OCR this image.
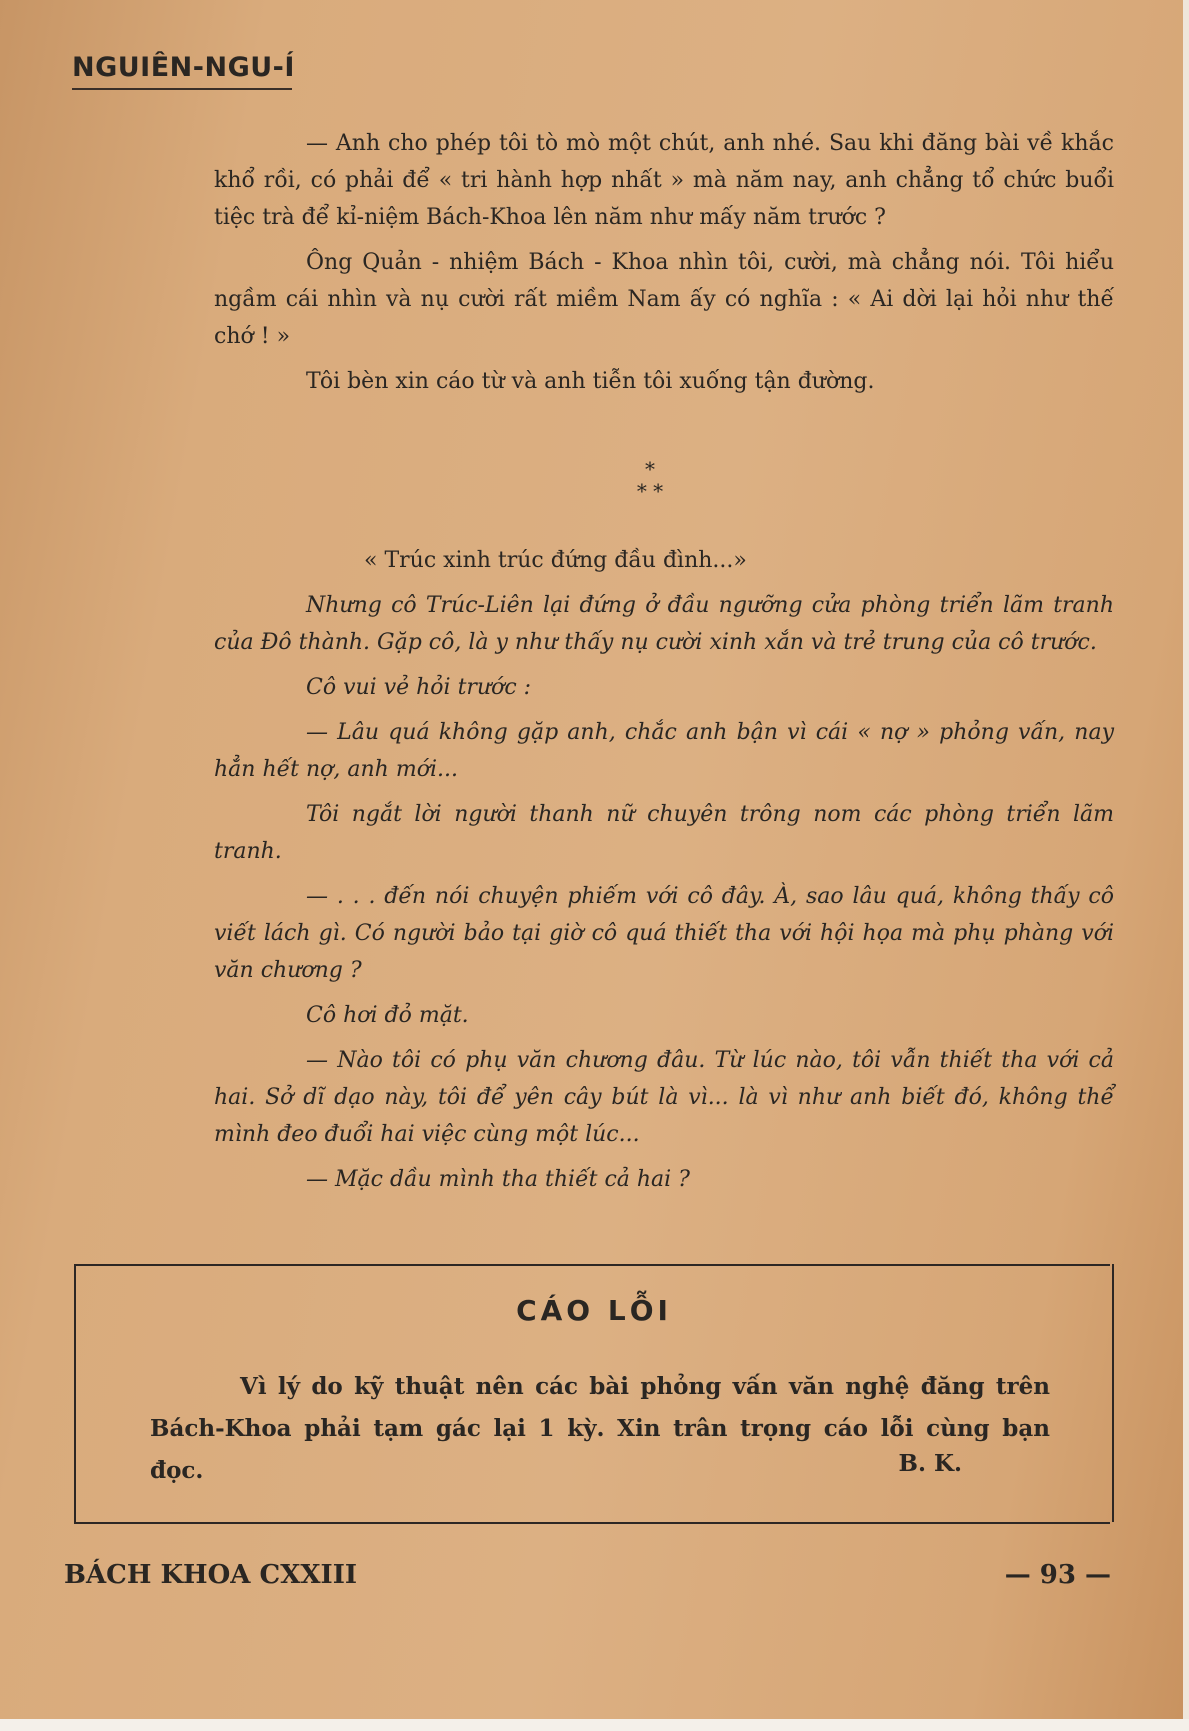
NGUIÊN-NGU-Í

— Anh cho phép tôi tò mò một chút, anh nhé. Sau khi đăng bài về khắc khổ rồi, có phải để « tri hành hợp nhất » mà năm nay, anh chẳng tổ chức buổi tiệc trà để kỉ-niệm Bách-Khoa lên năm như mấy năm trước ?

Ông Quản - nhiệm Bách - Khoa nhìn tôi, cười, mà chẳng nói. Tôi hiểu ngầm cái nhìn và nụ cười rất miềm Nam ấy có nghĩa : « Ai dời lại hỏi như thế chớ ! »

Tôi bèn xin cáo từ và anh tiễn tôi xuống tận đường.

*
* *

« Trúc xinh trúc đứng đầu đình...»

Nhưng cô Trúc-Liên lại đứng ở đầu ngưỡng cửa phòng triển lãm tranh của Đô thành. Gặp cô, là y như thấy nụ cười xinh xắn và trẻ trung của cô trước.

Cô vui vẻ hỏi trước :

— Lâu quá không gặp anh, chắc anh bận vì cái « nợ » phỏng vấn, nay hẳn hết nợ, anh mới...

Tôi ngắt lời người thanh nữ chuyên trông nom các phòng triển lãm tranh.

— . . . đến nói chuyện phiếm với cô đây. À, sao lâu quá, không thấy cô viết lách gì. Có người bảo tại giờ cô quá thiết tha với hội họa mà phụ phàng với văn chương ?

Cô hơi đỏ mặt.

— Nào tôi có phụ văn chương đâu. Từ lúc nào, tôi vẫn thiết tha với cả hai. Sở dĩ dạo này, tôi để yên cây bút là vì... là vì như anh biết đó, không thể mình đeo đuổi hai việc cùng một lúc...

— Mặc dầu mình tha thiết cả hai ?

CÁO LỖI
Vì lý do kỹ thuật nên các bài phỏng vấn văn nghệ đăng trên Bách-Khoa phải tạm gác lại 1 kỳ. Xin trân trọng cáo lỗi cùng bạn đọc.	B. K.
BÁCH KHOA CXXIII	— 93 —
